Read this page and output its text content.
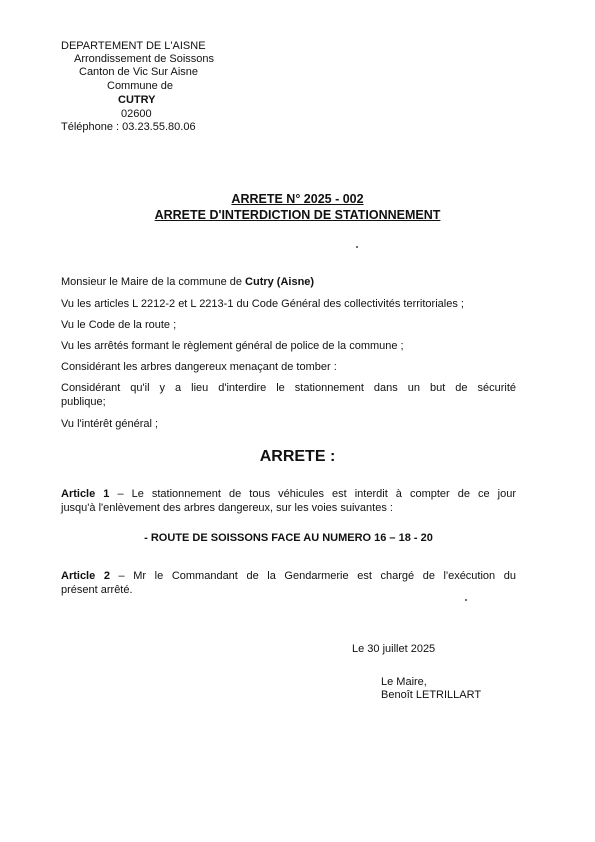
DEPARTEMENT DE L'AISNE
Arrondissement de Soissons
Canton de Vic Sur Aisne
Commune de
CUTRY
02600
Téléphone : 03.23.55.80.06
ARRETE N° 2025 - 002
ARRETE D'INTERDICTION DE STATIONNEMENT
Monsieur le Maire de la commune de Cutry (Aisne)
Vu les articles L 2212-2 et L 2213-1 du Code Général des collectivités territoriales ;
Vu le Code de la route ;
Vu les arrêtés formant le règlement général de police de la commune ;
Considérant les arbres dangereux menaçant de tomber :
Considérant qu'il y a lieu d'interdire le stationnement dans un but de sécurité
publique;
Vu l'intérêt général ;
ARRETE :
Article 1 – Le stationnement de tous véhicules est interdit à compter de ce jour
jusqu'à l'enlèvement des arbres dangereux, sur les voies suivantes :
- ROUTE DE SOISSONS FACE AU NUMERO 16 – 18 - 20
Article 2 – Mr le Commandant de la Gendarmerie est chargé de l'exécution du
présent arrêté.
Le 30 juillet 2025
Le Maire,
Benoît LETRILLART
